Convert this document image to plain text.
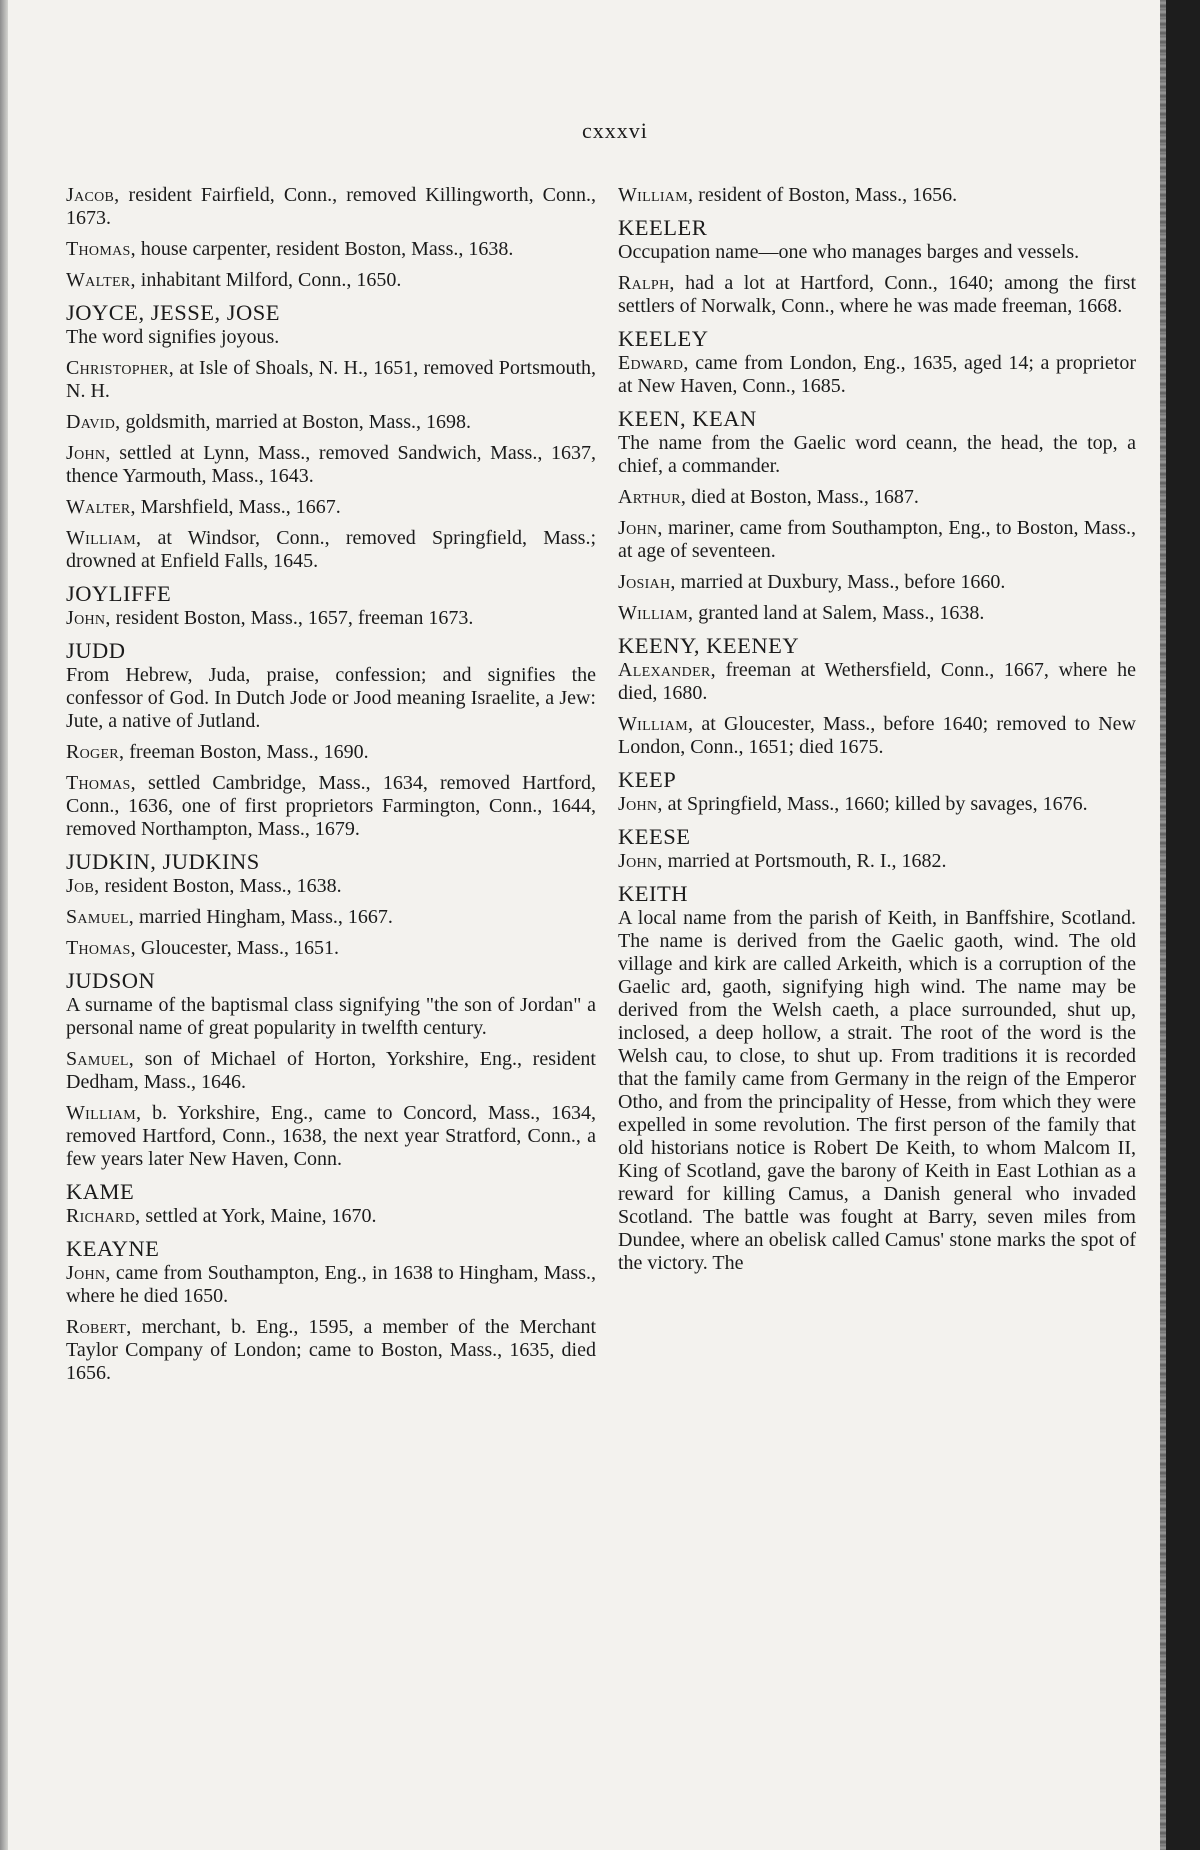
cxxxvi
Jacob, resident Fairfield, Conn., removed Killingworth, Conn., 1673.
Thomas, house carpenter, resident Boston, Mass., 1638.
Walter, inhabitant Milford, Conn., 1650.
JOYCE, JESSE, JOSE
The word signifies joyous.
Christopher, at Isle of Shoals, N. H., 1651, removed Portsmouth, N. H.
David, goldsmith, married at Boston, Mass., 1698.
John, settled at Lynn, Mass., removed Sandwich, Mass., 1637, thence Yarmouth, Mass., 1643.
Walter, Marshfield, Mass., 1667.
William, at Windsor, Conn., removed Springfield, Mass.; drowned at Enfield Falls, 1645.
JOYLIFFE
John, resident Boston, Mass., 1657, freeman 1673.
JUDD
From Hebrew, Juda, praise, confession; and signifies the confessor of God. In Dutch Jode or Jood meaning Israelite, a Jew: Jute, a native of Jutland.
Roger, freeman Boston, Mass., 1690.
Thomas, settled Cambridge, Mass., 1634, removed Hartford, Conn., 1636, one of first proprietors Farmington, Conn., 1644, removed Northampton, Mass., 1679.
JUDKIN, JUDKINS
Job, resident Boston, Mass., 1638.
Samuel, married Hingham, Mass., 1667.
Thomas, Gloucester, Mass., 1651.
JUDSON
A surname of the baptismal class signifying "the son of Jordan" a personal name of great popularity in twelfth century.
Samuel, son of Michael of Horton, Yorkshire, Eng., resident Dedham, Mass., 1646.
William, b. Yorkshire, Eng., came to Concord, Mass., 1634, removed Hartford, Conn., 1638, the next year Stratford, Conn., a few years later New Haven, Conn.
KAME
Richard, settled at York, Maine, 1670.
KEAYNE
John, came from Southampton, Eng., in 1638 to Hingham, Mass., where he died 1650.
Robert, merchant, b. Eng., 1595, a member of the Merchant Taylor Company of London; came to Boston, Mass., 1635, died 1656.
William, resident of Boston, Mass., 1656.
KEELER
Occupation name—one who manages barges and vessels.
Ralph, had a lot at Hartford, Conn., 1640; among the first settlers of Norwalk, Conn., where he was made freeman, 1668.
KEELEY
Edward, came from London, Eng., 1635, aged 14; a proprietor at New Haven, Conn., 1685.
KEEN, KEAN
The name from the Gaelic word ceann, the head, the top, a chief, a commander.
Arthur, died at Boston, Mass., 1687.
John, mariner, came from Southampton, Eng., to Boston, Mass., at age of seventeen.
Josiah, married at Duxbury, Mass., before 1660.
William, granted land at Salem, Mass., 1638.
KEENY, KEENEY
Alexander, freeman at Wethersfield, Conn., 1667, where he died, 1680.
William, at Gloucester, Mass., before 1640; removed to New London, Conn., 1651; died 1675.
KEEP
John, at Springfield, Mass., 1660; killed by savages, 1676.
KEESE
John, married at Portsmouth, R. I., 1682.
KEITH
A local name from the parish of Keith, in Banffshire, Scotland. The name is derived from the Gaelic gaoth, wind. The old village and kirk are called Arkeith, which is a corruption of the Gaelic ard, gaoth, signifying high wind. The name may be derived from the Welsh caeth, a place surrounded, shut up, inclosed, a deep hollow, a strait. The root of the word is the Welsh cau, to close, to shut up. From traditions it is recorded that the family came from Germany in the reign of the Emperor Otho, and from the principality of Hesse, from which they were expelled in some revolution. The first person of the family that old historians notice is Robert De Keith, to whom Malcom II, King of Scotland, gave the barony of Keith in East Lothian as a reward for killing Camus, a Danish general who invaded Scotland. The battle was fought at Barry, seven miles from Dundee, where an obelisk called Camus' stone marks the spot of the victory. The
